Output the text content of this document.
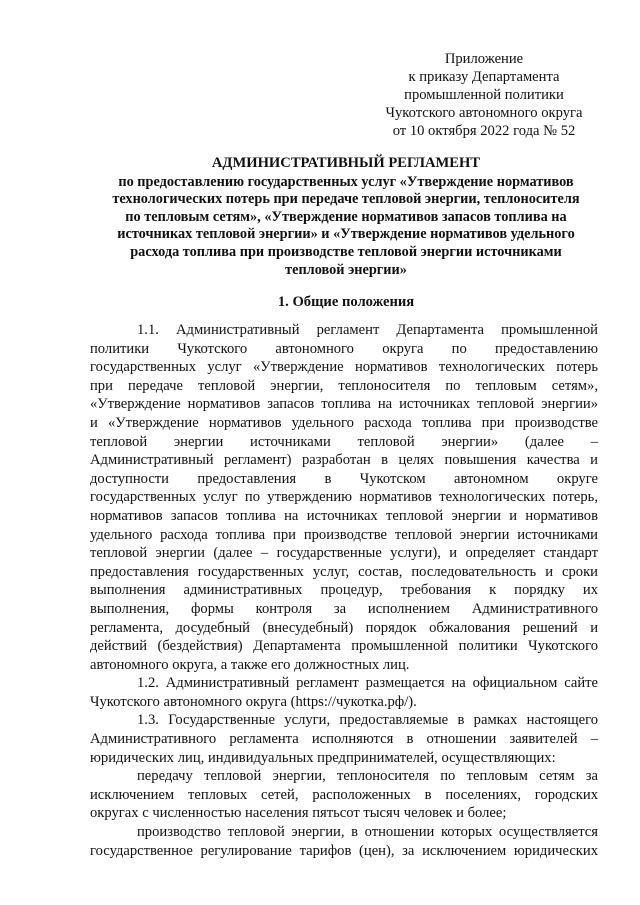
Приложение
к приказу Департамента
промышленной политики
Чукотского автономного округа
от 10 октября 2022 года № 52
АДМИНИСТРАТИВНЫЙ РЕГЛАМЕНТ
по предоставлению государственных услуг «Утверждение нормативов
технологических потерь при передаче тепловой энергии, теплоносителя
по тепловым сетям», «Утверждение нормативов запасов топлива на
источниках тепловой энергии» и «Утверждение нормативов удельного
расхода топлива при производстве тепловой энергии источниками
тепловой энергии»
1. Общие положения
1.1. Административный регламент Департамента промышленной
политики Чукотского автономного округа по предоставлению
государственных услуг «Утверждение нормативов технологических потерь
при передаче тепловой энергии, теплоносителя по тепловым сетям»,
«Утверждение нормативов запасов топлива на источниках тепловой энергии»
и «Утверждение нормативов удельного расхода топлива при производстве
тепловой энергии источниками тепловой энергии» (далее –
Административный регламент) разработан в целях повышения качества и
доступности предоставления в Чукотском автономном округе
государственных услуг по утверждению нормативов технологических потерь,
нормативов запасов топлива на источниках тепловой энергии и нормативов
удельного расхода топлива при производстве тепловой энергии источниками
тепловой энергии (далее – государственные услуги), и определяет стандарт
предоставления государственных услуг, состав, последовательность и сроки
выполнения административных процедур, требования к порядку их
выполнения, формы контроля за исполнением Административного
регламента, досудебный (внесудебный) порядок обжалования решений и
действий (бездействия) Департамента промышленной политики Чукотского
автономного округа, а также его должностных лиц.
1.2. Административный регламент размещается на официальном сайте
Чукотского автономного округа (https://чукотка.рф/).
1.3. Государственные услуги, предоставляемые в рамках настоящего
Административного регламента исполняются в отношении заявителей –
юридических лиц, индивидуальных предпринимателей, осуществляющих:
передачу тепловой энергии, теплоносителя по тепловым сетям за
исключением тепловых сетей, расположенных в поселениях, городских
округах с численностью населения пятьсот тысяч человек и более;
производство тепловой энергии, в отношении которых осуществляется
государственное регулирование тарифов (цен), за исключением юридических
